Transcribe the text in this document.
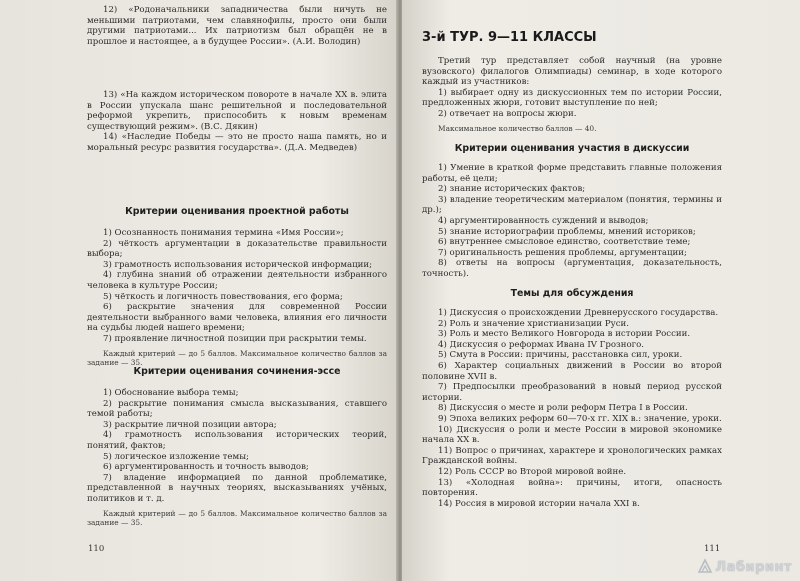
12) «Родоначальники западничества были ничуть не меньшими патриотами, чем славянофилы, просто они были другими патриотами... Их патриотизм был обращён не в прошлое и настоящее, а в будущее России». (А.И. Володин)

13) «На каждом историческом повороте в начале XX в. элита в России упускала шанс решительной и последовательной реформой укрепить, приспособить к новым временам существующий режим». (В.С. Дякин)

14) «Наследие Победы — это не просто наша память, но и моральный ресурс развития государства». (Д.А. Медведев)

Критерии оценивания проектной работы

1) Осознанность понимания термина «Имя России»;

2) чёткость аргументации в доказательстве правильности выбора;

3) грамотность использования исторической информации;

4) глубина знаний об отражении деятельности избранного человека в культуре России;

5) чёткость и логичность повествования, его форма;

6) раскрытие значения для современной России деятельности выбранного вами человека, влияния его личности на судьбы людей нашего времени;

7) проявление личностной позиции при раскрытии темы.

Каждый критерий — до 5 баллов. Максимальное количество баллов за задание — 35.

Критерии оценивания сочинения-эссе

1) Обоснование выбора темы;

2) раскрытие понимания смысла высказывания, ставшего темой работы;

3) раскрытие личной позиции автора;

4) грамотность использования исторических теорий, понятий, фактов;

5) логическое изложение темы;

6) аргументированность и точность выводов;

7) владение информацией по данной проблематике, представленной в научных теориях, высказываниях учёных, политиков и т. д.

Каждый критерий — до 5 баллов. Максимальное количество баллов за задание — 35.

110
3-й ТУР. 9—11 КЛАССЫ

Третий тур представляет собой научный (на уровне вузовского) филалогов Олимпиады) семинар, в ходе которого каждый из участников:

1) выбирает одну из дискуссионных тем по истории России, предложенных жюри, готовит выступление по ней;

2) отвечает на вопросы жюри.

Максимальное количество баллов — 40.

Критерии оценивания участия в дискуссии

1) Умение в краткой форме представить главные положения работы, её цели;

2) знание исторических фактов;

3) владение теоретическим материалом (понятия, термины и др.);

4) аргументированность суждений и выводов;

5) знание историографии проблемы, мнений историков;

6) внутреннее смысловое единство, соответствие теме;

7) оригинальность решения проблемы, аргументации;

8) ответы на вопросы (аргументация, доказательность, точность).

Темы для обсуждения

1) Дискуссия о происхождении Древнерусского государства.

2) Роль и значение христианизации Руси.

3) Роль и место Великого Новгорода в истории России.

4) Дискуссия о реформах Ивана IV Грозного.

5) Смута в России: причины, расстановка сил, уроки.

6) Характер социальных движений в России во второй половине XVII в.

7) Предпосылки преобразований в новый период русской истории.

8) Дискуссия о месте и роли реформ Петра I в России.

9) Эпоха великих реформ 60—70-х гг. XIX в.: значение, уроки.

10) Дискуссия о роли и месте России в мировой экономике начала XX в.

11) Вопрос о причинах, характере и хронологических рамках Гражданской войны.

12) Роль СССР во Второй мировой войне.

13) «Холодная война»: причины, итоги, опасность повторения.

14) Россия в мировой истории начала XXI в.

111
Лабиринт
